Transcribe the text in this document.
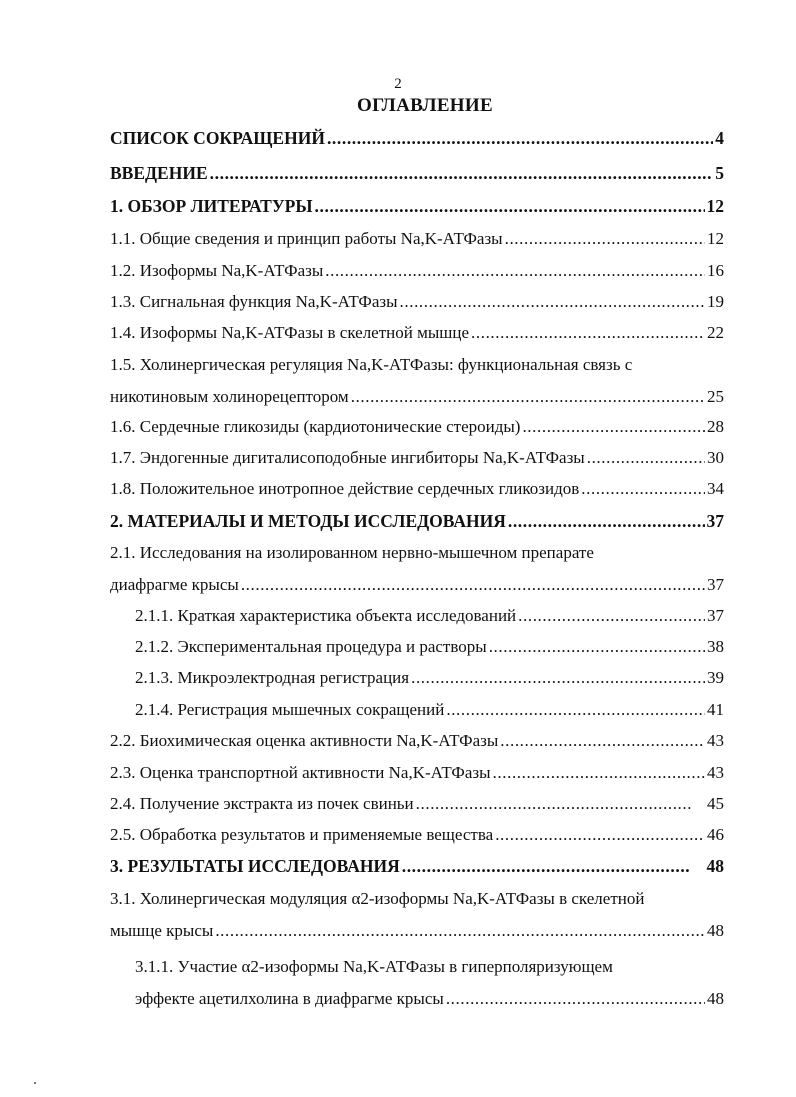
2
ОГЛАВЛЕНИЕ
СПИСОК СОКРАЩЕНИЙ .....	4
ВВЕДЕНИЕ .....	5
1. ОБЗОР ЛИТЕРАТУРЫ .....	12
1.1. Общие сведения и принцип работы Na,K-АТФазы .....	12
1.2. Изоформы Na,K-АТФазы .....	16
1.3. Сигнальная функция Na,K-АТФазы .....	19
1.4. Изоформы Na,K-АТФазы в скелетной мышце .....	22
1.5. Холинергическая регуляция Na,K-АТФазы: функциональная связь с
никотиновым холинорецептором .....	25
1.6. Сердечные гликозиды (кардиотонические стероиды) .....	28
1.7. Эндогенные дигиталисоподобные ингибиторы Na,K-АТФазы .....	30
1.8. Положительное инотропное действие сердечных гликозидов .....	34
2. МАТЕРИАЛЫ И МЕТОДЫ ИССЛЕДОВАНИЯ .....	37
2.1. Исследования на изолированном нервно-мышечном препарате
диафрагме крысы .....	37
2.1.1. Краткая характеристика объекта исследований .....	37
2.1.2. Экспериментальная процедура и растворы .....	38
2.1.3. Микроэлектродная регистрация .....	39
2.1.4. Регистрация мышечных сокращений .....	41
2.2. Биохимическая оценка активности Na,K-АТФазы .....	43
2.3. Оценка транспортной активности Na,K-АТФазы .....	43
2.4. Получение экстракта из почек свиньи .....	45
2.5. Обработка результатов и применяемые вещества .....	46
3. РЕЗУЛЬТАТЫ ИССЛЕДОВАНИЯ .....	48
3.1. Холинергическая модуляция α2-изоформы Na,K-АТФазы в скелетной
мышце крысы .....	48
3.1.1. Участие α2-изоформы Na,K-АТФазы в гиперполяризующем
эффекте ацетилхолина в диафрагме крысы .....	48
